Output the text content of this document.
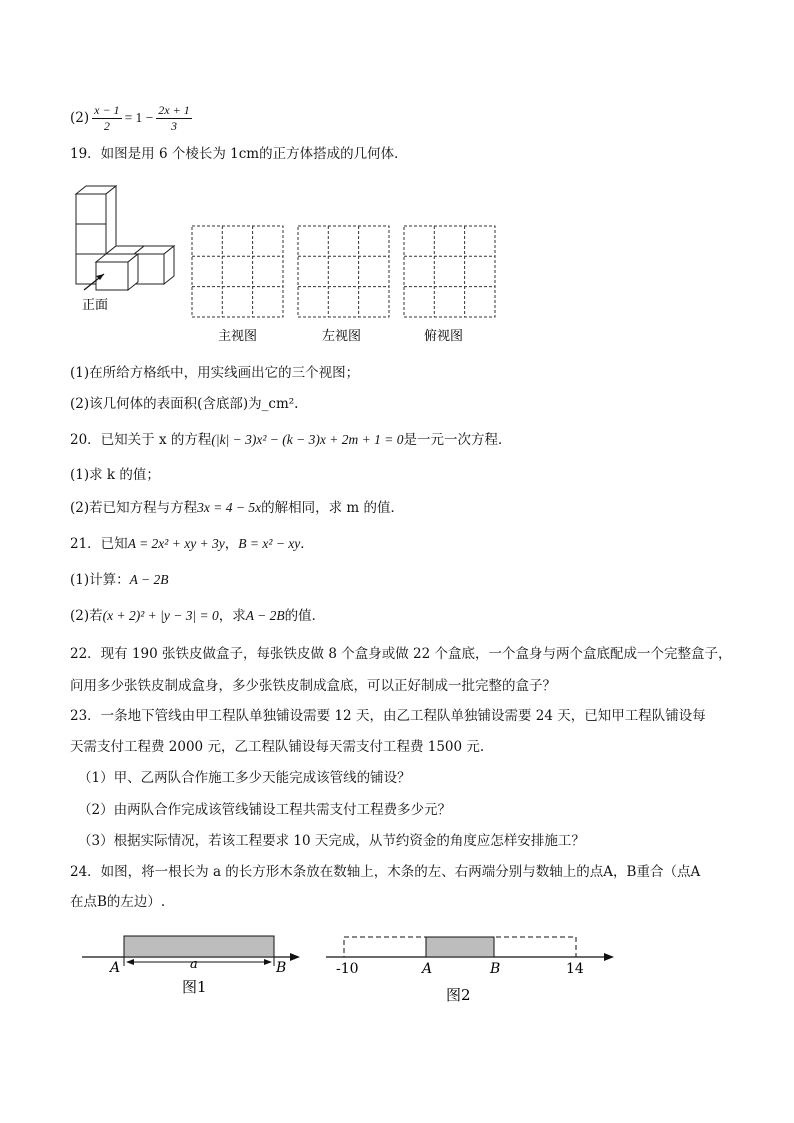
$(2) \frac{x - 1}{2} = 1 - \frac{2x + 1}{3}$
19．如图是用 6 个棱长为 1cm的正方体搭成的几何体．
正面
主视图	左视图	俯视图
(1)在所给方格纸中，用实线画出它的三个视图；
(2)该几何体的表面积(含底部)为_cm².
20．已知关于 x 的方程(|k| − 3)x² − (k − 3)x + 2m + 1 = 0是一元一次方程．
(1)求 k 的值；
(2)若已知方程与方程3x = 4 − 5x的解相同，求 m 的值．
21．已知A = 2x² + xy + 3y，B = x² − xy．
(1)计算：A − 2B
(2)若(x + 2)² + |y − 3| = 0，求A − 2B的值．
22．现有 190 张铁皮做盒子，每张铁皮做 8 个盒身或做 22 个盒底，一个盒身与两个盒底配成一个完整盒子，
问用多少张铁皮制成盒身，多少张铁皮制成盒底，可以正好制成一批完整的盒子？
23．一条地下管线由甲工程队单独铺设需要 12 天，由乙工程队单独铺设需要 24 天，已知甲工程队铺设每
天需支付工程费 2000 元，乙工程队铺设每天需支付工程费 1500 元.
（1）甲、乙两队合作施工多少天能完成该管线的铺设？
（2）由两队合作完成该管线铺设工程共需支付工程费多少元？
（3）根据实际情况，若该工程要求 10 天完成，从节约资金的角度应怎样安排施工？
24．如图，将一根长为 a 的长方形木条放在数轴上，木条的左、右两端分别与数轴上的点A，B重合（点A
在点B的左边）.
A	B
a
图1
-10	A	B	14
图2
